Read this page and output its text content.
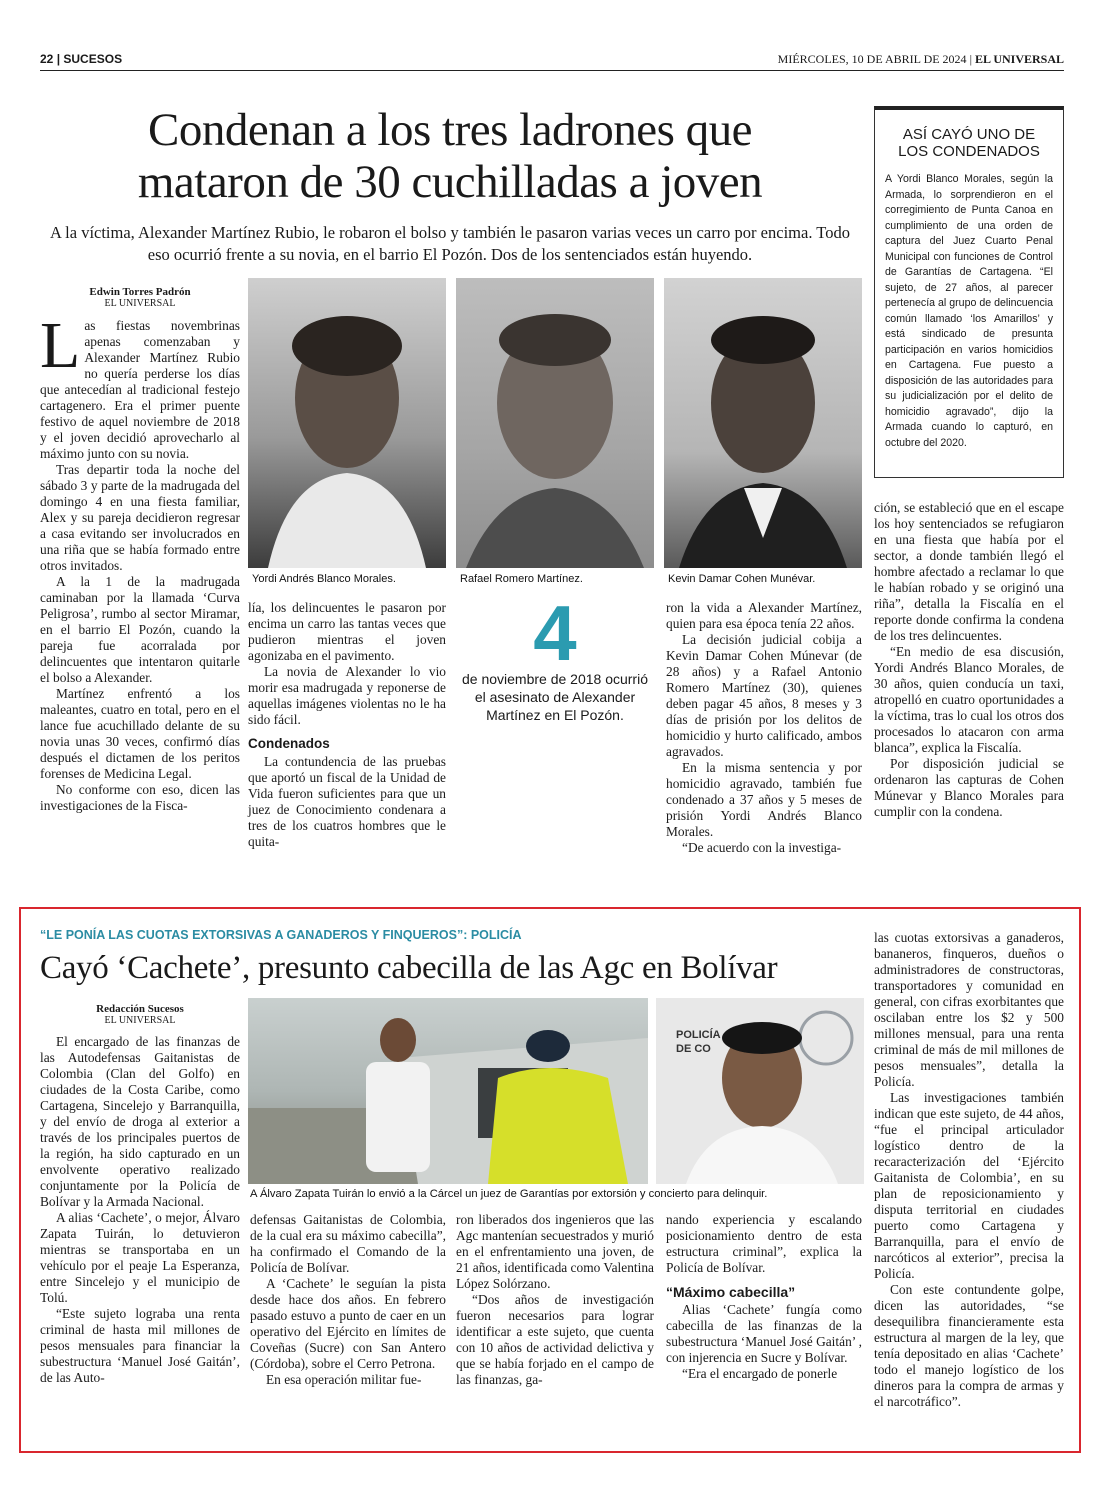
22 | SUCESOS	MIÉRCOLES, 10 DE ABRIL DE 2024 | EL UNIVERSAL
Condenan a los tres ladrones que
mataron de 30 cuchilladas a joven
A la víctima, Alexander Martínez Rubio, le robaron el bolso y también le pasaron varias veces un carro por encima. Todo eso ocurrió frente a su novia, en el barrio El Pozón. Dos de los sentenciados están huyendo.
Edwin Torres Padrón
EL UNIVERSAL
L as fiestas novembrinas apenas comenzaban y Alexander Martínez Rubio no quería perderse los días que antecedían al tradicional festejo cartagenero. Era el primer puente festivo de aquel noviembre de 2018 y el joven decidió aprovecharlo al máximo junto con su novia.

Tras departir toda la noche del sábado 3 y parte de la madrugada del domingo 4 en una fiesta familiar, Alex y su pareja decidieron regresar a casa evitando ser involucrados en una riña que se había formado entre otros invitados.

A la 1 de la madrugada caminaban por la llamada ‘Curva Peligrosa’, rumbo al sector Miramar, en el barrio El Pozón, cuando la pareja fue acorralada por delincuentes que intentaron quitarle el bolso a Alexander.

Martínez enfrentó a los maleantes, cuatro en total, pero en el lance fue acuchillado delante de su novia unas 30 veces, confirmó días después el dictamen de los peritos forenses de Medicina Legal.

No conforme con eso, dicen las investigaciones de la Fisca-

Yordi Andrés Blanco Morales.	Rafael Romero Martínez.	Kevin Damar Cohen Munévar.

lía, los delincuentes le pasaron por encima un carro las tantas veces que pudieron mientras el joven agonizaba en el pavimento.

La novia de Alexander lo vio morir esa madrugada y reponerse de aquellas imágenes violentas no le ha sido fácil.

Condenados

La contundencia de las pruebas que aportó un fiscal de la Unidad de Vida fueron suficientes para que un juez de Conocimiento condenara a tres de los cuatros hombres que le quita-

4
de noviembre de 2018 ocurrió el asesinato de Alexander Martínez en El Pozón.

ron la vida a Alexander Martínez, quien para esa época tenía 22 años.

La decisión judicial cobija a Kevin Damar Cohen Múnevar (de 28 años) y a Rafael Antonio Romero Martínez (30), quienes deben pagar 45 años, 8 meses y 3 días de prisión por los delitos de homicidio y hurto calificado, ambos agravados.

En la misma sentencia y por homicidio agravado, también fue condenado a 37 años y 5 meses de prisión Yordi Andrés Blanco Morales.

“De acuerdo con la investiga-

ASÍ CAYÓ UNO DE LOS CONDENADOS
A Yordi Blanco Morales, según la Armada, lo sorprendieron en el corregimiento de Punta Canoa en cumplimiento de una orden de captura del Juez Cuarto Penal Municipal con funciones de Control de Garantías de Cartagena. “El sujeto, de 27 años, al parecer pertenecía al grupo de delincuencia común llamado ‘los Amarillos’ y está sindicado de presunta participación en varios homicidios en Cartagena. Fue puesto a disposición de las autoridades para su judicialización por el delito de homicidio agravado”, dijo la Armada cuando lo capturó, en octubre del 2020.

ción, se estableció que en el escape los hoy sentenciados se refugiaron en una fiesta que había por el sector, a donde también llegó el hombre afectado a reclamar lo que le habían robado y se originó una riña”, detalla la Fiscalía en el reporte donde confirma la condena de los tres delincuentes.

“En medio de esa discusión, Yordi Andrés Blanco Morales, de 30 años, quien conducía un taxi, atropelló en cuatro oportunidades a la víctima, tras lo cual los otros dos procesados lo atacaron con arma blanca”, explica la Fiscalía.

Por disposición judicial se ordenaron las capturas de Cohen Múnevar y Blanco Morales para cumplir con la condena.

“LE PONÍA LAS CUOTAS EXTORSIVAS A GANADEROS Y FINQUEROS”: POLICÍA
Cayó ‘Cachete’, presunto cabecilla de las Agc en Bolívar
Redacción Sucesos
EL UNIVERSAL

El encargado de las finanzas de las Autodefensas Gaitanistas de Colombia (Clan del Golfo) en ciudades de la Costa Caribe, como Cartagena, Sincelejo y Barranquilla, y del envío de droga al exterior a través de los principales puertos de la región, ha sido capturado en un envolvente operativo realizado conjuntamente por la Policía de Bolívar y la Armada Nacional.

A alias ‘Cachete’, o mejor, Álvaro Zapata Tuirán, lo detuvieron mientras se transportaba en un vehículo por el peaje La Esperanza, entre Sincelejo y el municipio de Tolú.

“Este sujeto lograba una renta criminal de hasta mil millones de pesos mensuales para financiar la subestructura ‘Manuel José Gaitán’, de las Auto-

POLICÍA DE CO
A Álvaro Zapata Tuirán lo envió a la Cárcel un juez de Garantías por extorsión y concierto para delinquir.

defensas Gaitanistas de Colombia, de la cual era su máximo cabecilla”, ha confirmado el Comando de la Policía de Bolívar.

A ‘Cachete’ le seguían la pista desde hace dos años. En febrero pasado estuvo a punto de caer en un operativo del Ejército en límites de Coveñas (Sucre) con San Antero (Córdoba), sobre el Cerro Petrona.

En esa operación militar fue-

ron liberados dos ingenieros que las Agc mantenían secuestrados y murió en el enfrentamiento una joven, de 21 años, identificada como Valentina López Solórzano.

“Dos años de investigación fueron necesarios para lograr identificar a este sujeto, que cuenta con 10 años de actividad delictiva y que se había forjado en el campo de las finanzas, ga-

nando experiencia y escalando posicionamiento dentro de esta estructura criminal”, explica la Policía de Bolívar.

“Máximo cabecilla”

Alias ‘Cachete’ fungía como cabecilla de las finanzas de la subestructura ‘Manuel José Gaitán’ , con injerencia en Sucre y Bolívar.

“Era el encargado de ponerle

las cuotas extorsivas a ganaderos, bananeros, finqueros, dueños o administradores de constructoras, transportadores y comunidad en general, con cifras exorbitantes que oscilaban entre los $2 y 500 millones mensual, para una renta criminal de más de mil millones de pesos mensuales”, detalla la Policía.

Las investigaciones también indican que este sujeto, de 44 años, “fue el principal articulador logístico dentro de la recaracterización del ‘Ejército Gaitanista de Colombia’, en su plan de reposicionamiento y disputa territorial en ciudades puerto como Cartagena y Barranquilla, para el envío de narcóticos al exterior”, precisa la Policía.

Con este contundente golpe, dicen las autoridades, “se desequilibra financieramente esta estructura al margen de la ley, que tenía depositado en alias ‘Cachete’ todo el manejo logístico de los dineros para la compra de armas y el narcotráfico”.
